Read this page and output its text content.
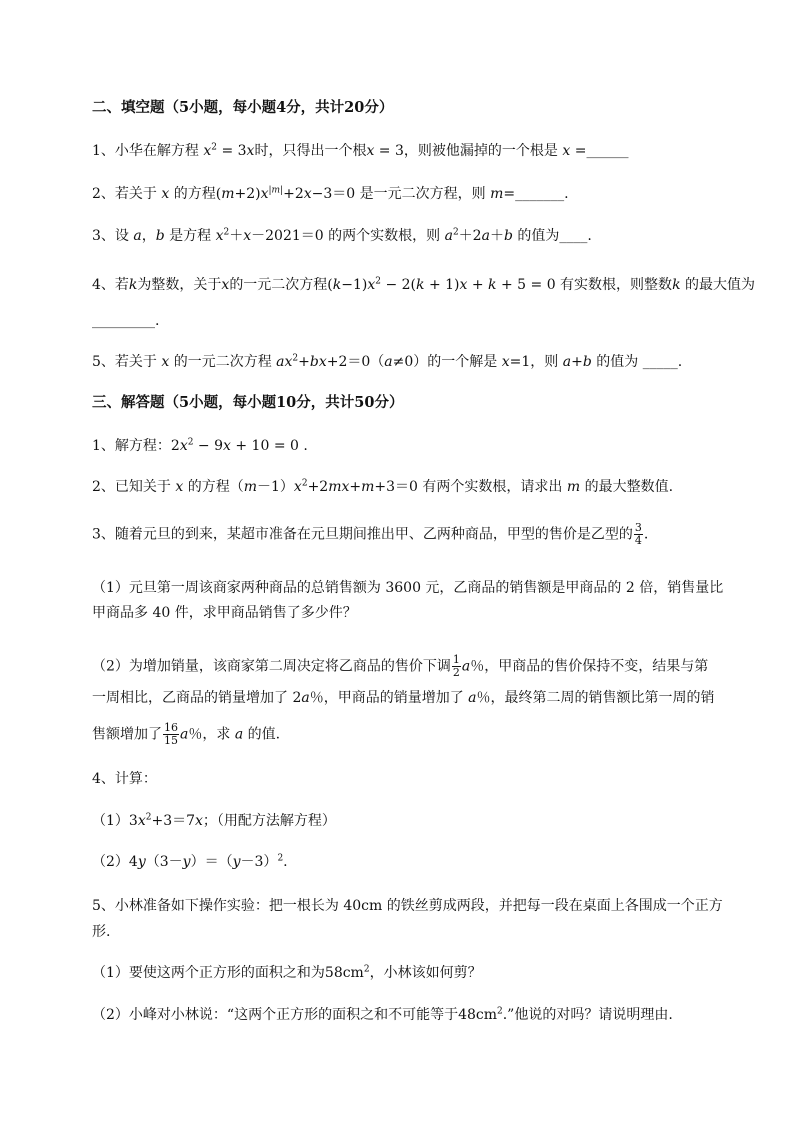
二、填空题（5小题，每小题4分，共计20分）
1、小华在解方程 $x^2 = 3x$时，只得出一个根x = 3，则被他漏掉的一个根是 x =______
2、若关于 x 的方程$(m+2)x^{|m|}+2x-3=0$ 是一元二次方程，则 m=_______.
3、设 a，b 是方程 $x^2+x-2021=0$ 的两个实数根，则 $a^2+2a+b$ 的值为____.
4、若k为整数，关于x的一元二次方程$(k-1)x^2 - 2(k + 1)x + k + 5 = 0$ 有实数根，则整数k 的最大值为
_________.
5、若关于 x 的一元二次方程 $ax^2+bx+2=0(a\ne 0)$的一个解是 x=1，则 a+b 的值为 _____.
三、解答题（5小题，每小题10分，共计50分）
1、解方程：$2x^2 - 9x + 10 = 0$ .
2、已知关于 x 的方程$(m-1)x^2+2mx+m+3=0$ 有两个实数根，请求出 m 的最大整数值.
3、随着元旦的到来，某超市准备在元旦期间推出甲、乙两种商品，甲型的售价是乙型的 $\frac{3}{4}$ .
（1）元旦第一周该商家两种商品的总销售额为 3600 元，乙商品的销售额是甲商品的 2 倍，销售量比
甲商品多 40 件，求甲商品销售了多少件？
（2）为增加销量，该商家第二周决定将乙商品的售价下调 $\frac{1}{2}$ a％，甲商品的售价保持不变，结果与第
一周相比，乙商品的销量增加了 2a％，甲商品的销量增加了 a％，最终第二周的销售额比第一周的销
售额增加了 $\frac{16}{15}$ a％，求 a 的值.
4、计算：
$(1)3x^2+3=7x$；（用配方法解方程）
$(2)4y(3-y)=(y-3)^2$.
5、小林准备如下操作实验：把一根长为 40cm 的铁丝剪成两段，并把每一段在桌面上各围成一个正方
形.
（1）要使这两个正方形的面积之和为$58cm^2$，小林该如何剪？
（2）小峰对小林说：“这两个正方形的面积之和不可能等于$48cm^2$.”他说的对吗？请说明理由.
